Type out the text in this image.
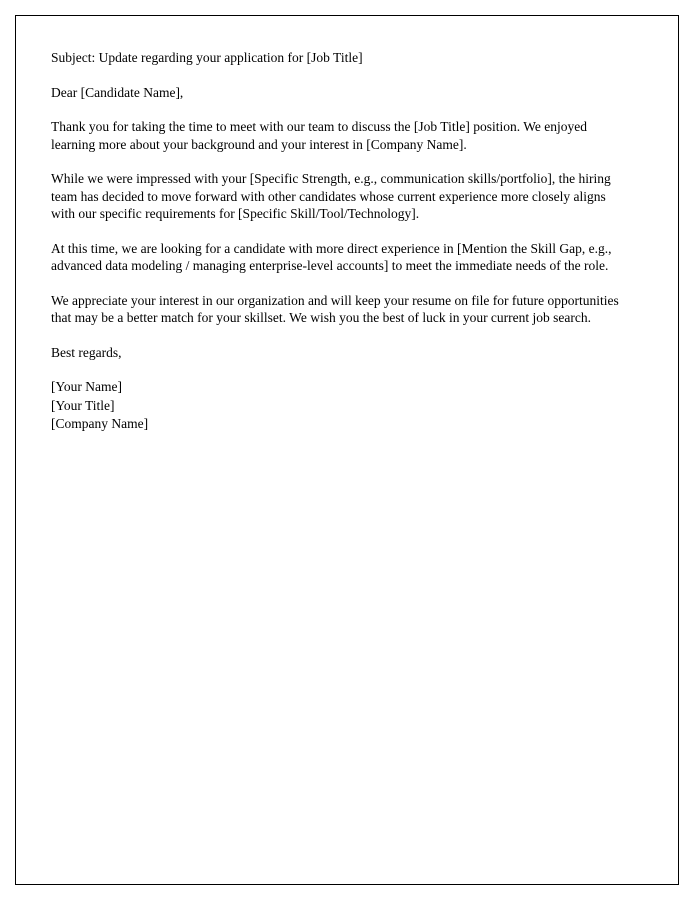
Subject: Update regarding your application for [Job Title]

Dear [Candidate Name],

Thank you for taking the time to meet with our team to discuss the [Job Title] position. We enjoyed learning more about your background and your interest in [Company Name].

While we were impressed with your [Specific Strength, e.g., communication skills/portfolio], the hiring team has decided to move forward with other candidates whose current experience more closely aligns with our specific requirements for [Specific Skill/Tool/Technology].

At this time, we are looking for a candidate with more direct experience in [Mention the Skill Gap, e.g., advanced data modeling / managing enterprise-level accounts] to meet the immediate needs of the role.

We appreciate your interest in our organization and will keep your resume on file for future opportunities that may be a better match for your skillset. We wish you the best of luck in your current job search.

Best regards,

[Your Name]

[Your Title]

[Company Name]
